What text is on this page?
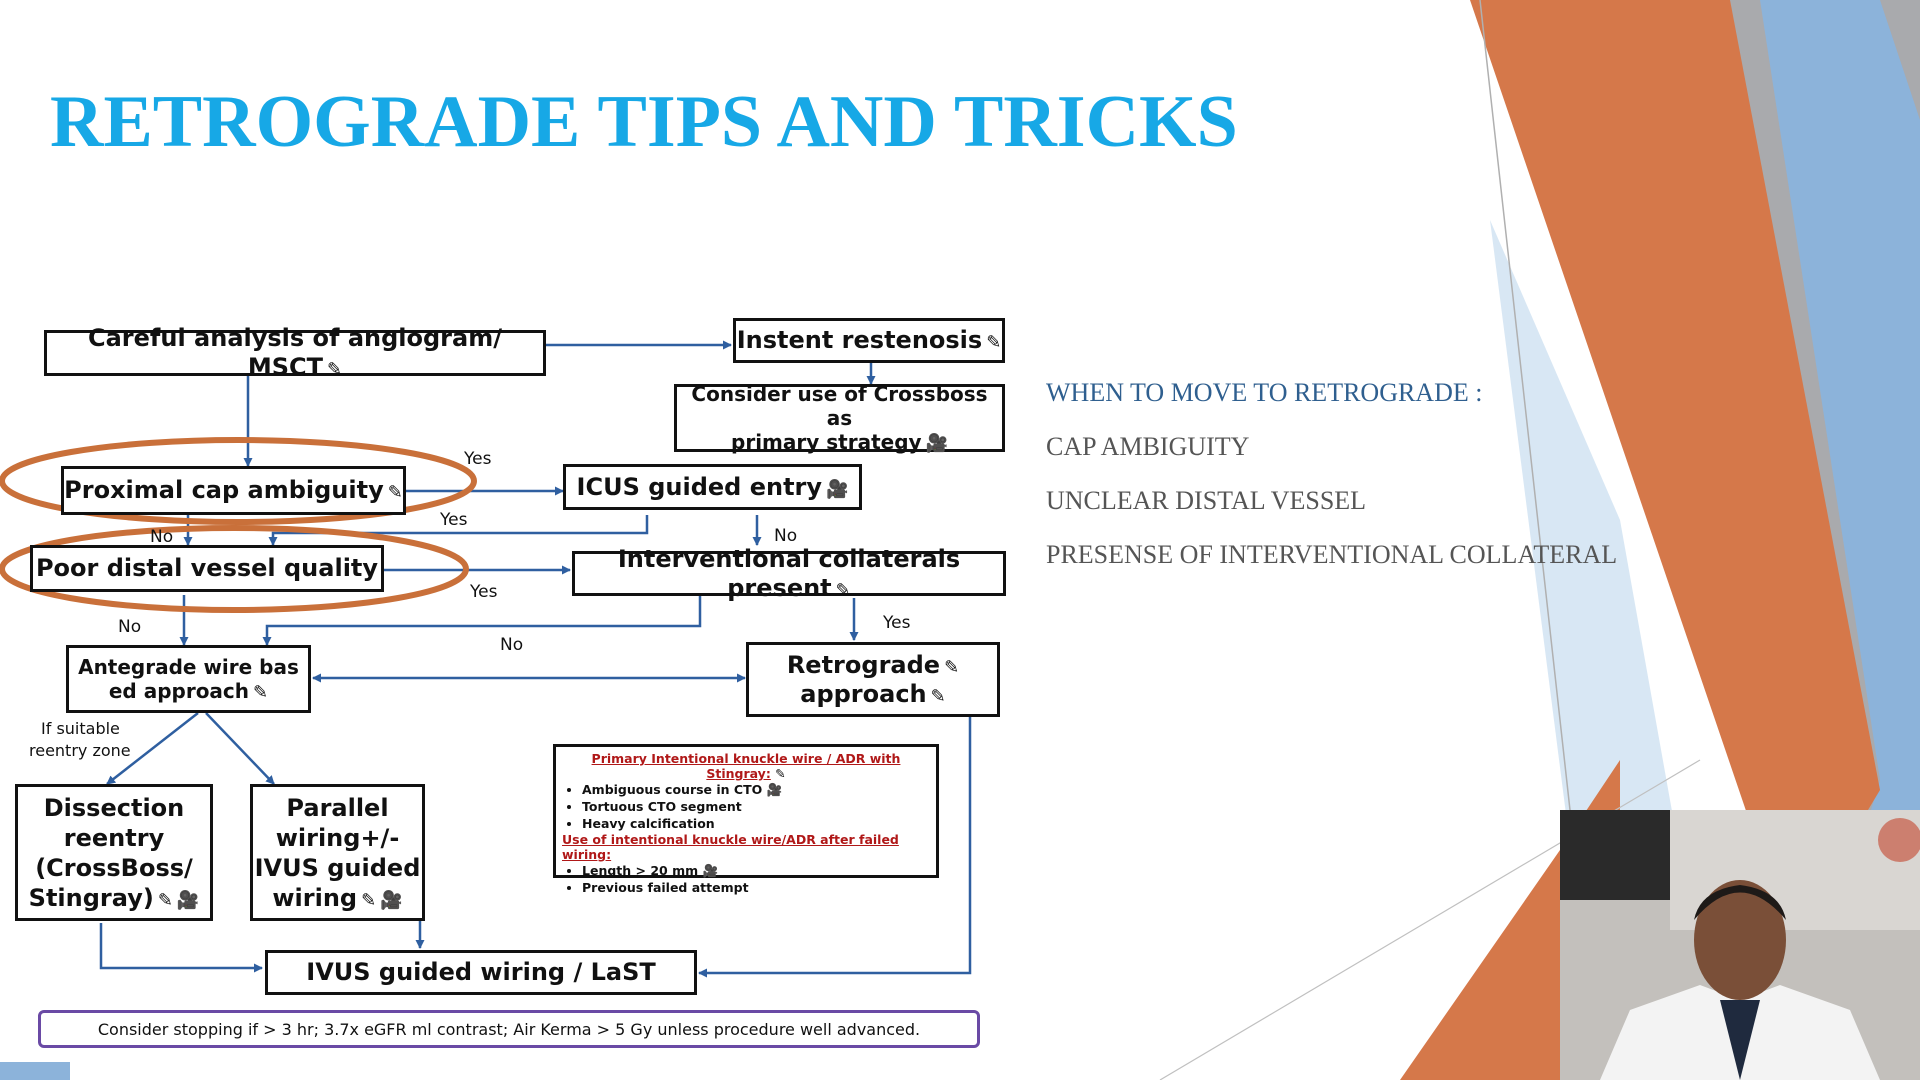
RETROGRADE TIPS AND TRICKS
Careful analysis of angiogram/ MSCT ✎
Instent restenosis ✎
Consider use of Crossboss as
primary strategy 🎥
Proximal cap ambiguity ✎	ICUS guided entry 🎥
Poor distal vessel quality	Interventional collaterals present ✎
Antegrade wire bas
ed approach ✎
Retrograde ✎
approach ✎
Dissection
reentry
(CrossBoss/
Stingray) ✎ 🎥
Parallel
wiring+/-
IVUS guided
wiring ✎ 🎥
IVUS guided wiring / LaST
Primary Intentional knuckle wire / ADR with Stingray: ✎
• Ambiguous course in CTO 🎥
• Tortuous CTO segment
• Heavy calcification
Use of intentional knuckle wire/ADR after failed wiring:
• Length > 20 mm 🎥
• Previous failed attempt
Yes
Yes
No	No
Yes
No
No
Yes
If suitable
reentry zone
Consider stopping if > 3 hr; 3.7x eGFR ml contrast; Air Kerma > 5 Gy unless procedure well advanced.
WHEN TO MOVE TO RETROGRADE :
CAP AMBIGUITY
UNCLEAR DISTAL VESSEL
PRESENSE OF INTERVENTIONAL COLLATERAL
